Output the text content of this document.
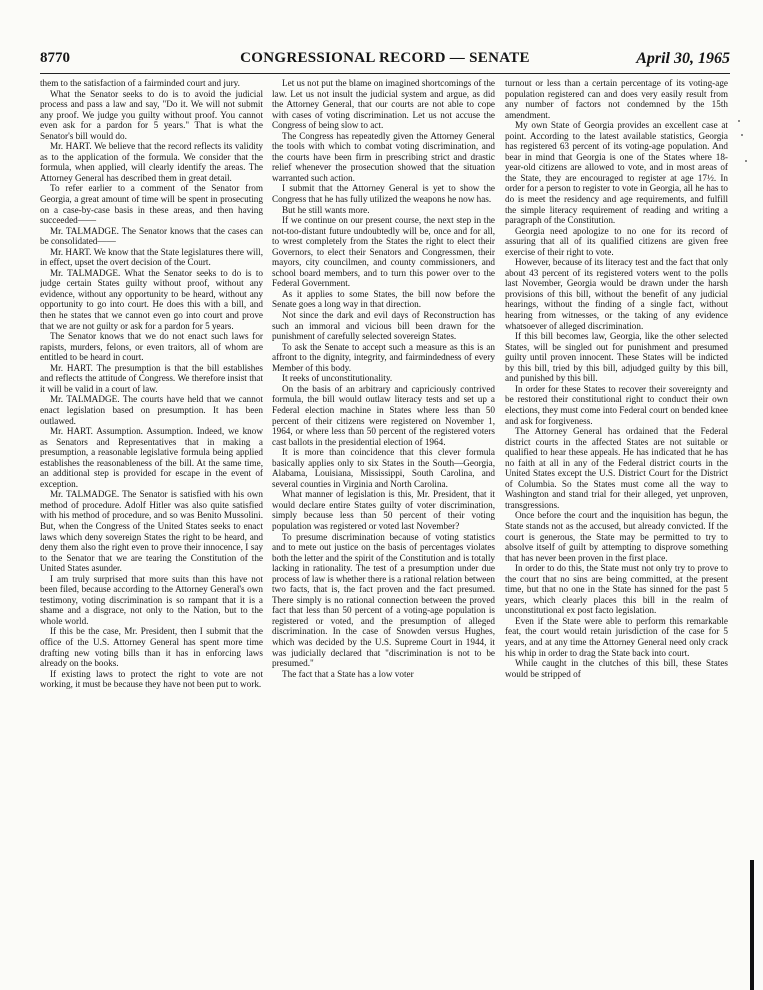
8770	CONGRESSIONAL RECORD — SENATE	April 30, 1965

them to the satisfaction of a fairminded court and jury.

What the Senator seeks to do is to avoid the judicial process and pass a law and say, "Do it. We will not submit any proof. We judge you guilty without proof. You cannot even ask for a pardon for 5 years." That is what the Senator's bill would do.

Mr. HART. We believe that the record reflects its validity as to the application of the formula. We consider that the formula, when applied, will clearly identify the areas. The Attorney General has described them in great detail.

To refer earlier to a comment of the Senator from Georgia, a great amount of time will be spent in prosecuting on a case-by-case basis in these areas, and then having succeeded——

Mr. TALMADGE. The Senator knows that the cases can be consolidated——

Mr. HART. We know that the State legislatures there will, in effect, upset the overt decision of the Court.

Mr. TALMADGE. What the Senator seeks to do is to judge certain States guilty without proof, without any evidence, without any opportunity to be heard, without any opportunity to go into court. He does this with a bill, and then he states that we cannot even go into court and prove that we are not guilty or ask for a pardon for 5 years.

The Senator knows that we do not enact such laws for rapists, murders, felons, or even traitors, all of whom are entitled to be heard in court.

Mr. HART. The presumption is that the bill establishes and reflects the attitude of Congress. We therefore insist that it will be valid in a court of law.

Mr. TALMADGE. The courts have held that we cannot enact legislation based on presumption. It has been outlawed.

Mr. HART. Assumption. Assumption. Indeed, we know as Senators and Representatives that in making a presumption, a reasonable legislative formula being applied establishes the reasonableness of the bill. At the same time, an additional step is provided for escape in the event of exception.

Mr. TALMADGE. The Senator is satisfied with his own method of procedure. Adolf Hitler was also quite satisfied with his method of procedure, and so was Benito Mussolini. But, when the Congress of the United States seeks to enact laws which deny sovereign States the right to be heard, and deny them also the right even to prove their innocence, I say to the Senator that we are tearing the Constitution of the United States asunder.

I am truly surprised that more suits than this have not been filed, because according to the Attorney General's own testimony, voting discrimination is so rampant that it is a shame and a disgrace, not only to the Nation, but to the whole world.

If this be the case, Mr. President, then I submit that the office of the U.S. Attorney General has spent more time drafting new voting bills than it has in enforcing laws already on the books.

If existing laws to protect the right to vote are not working, it must be because they have not been put to work.

Let us not put the blame on imagined shortcomings of the law. Let us not insult the judicial system and argue, as did the Attorney General, that our courts are not able to cope with cases of voting discrimination. Let us not accuse the Congress of being slow to act.

The Congress has repeatedly given the Attorney General the tools with which to combat voting discrimination, and the courts have been firm in prescribing strict and drastic relief whenever the prosecution showed that the situation warranted such action.

I submit that the Attorney General is yet to show the Congress that he has fully utilized the weapons he now has.

But he still wants more.

If we continue on our present course, the next step in the not-too-distant future undoubtedly will be, once and for all, to wrest completely from the States the right to elect their Governors, to elect their Senators and Congressmen, their mayors, city councilmen, and county commissioners, and school board members, and to turn this power over to the Federal Government.

As it applies to some States, the bill now before the Senate goes a long way in that direction.

Not since the dark and evil days of Reconstruction has such an immoral and vicious bill been drawn for the punishment of carefully selected sovereign States.

To ask the Senate to accept such a measure as this is an affront to the dignity, integrity, and fairmindedness of every Member of this body.

It reeks of unconstitutionality.

On the basis of an arbitrary and capriciously contrived formula, the bill would outlaw literacy tests and set up a Federal election machine in States where less than 50 percent of their citizens were registered on November 1, 1964, or where less than 50 percent of the registered voters cast ballots in the presidential election of 1964.

It is more than coincidence that this clever formula basically applies only to six States in the South—Georgia, Alabama, Louisiana, Mississippi, South Carolina, and several counties in Virginia and North Carolina.

What manner of legislation is this, Mr. President, that it would declare entire States guilty of voter discrimination, simply because less than 50 percent of their voting population was registered or voted last November?

To presume discrimination because of voting statistics and to mete out justice on the basis of percentages violates both the letter and the spirit of the Constitution and is totally lacking in rationality. The test of a presumption under due process of law is whether there is a rational relation between two facts, that is, the fact proven and the fact presumed. There simply is no rational connection between the proved fact that less than 50 percent of a voting-age population is registered or voted, and the presumption of alleged discrimination. In the case of Snowden versus Hughes, which was decided by the U.S. Supreme Court in 1944, it was judicially declared that "discrimination is not to be presumed."

The fact that a State has a low voter

turnout or less than a certain percentage of its voting-age population registered can and does very easily result from any number of factors not condemned by the 15th amendment.

My own State of Georgia provides an excellent case at point. According to the latest available statistics, Georgia has registered 63 percent of its voting-age population. And bear in mind that Georgia is one of the States where 18-year-old citizens are allowed to vote, and in most areas of the State, they are encouraged to register at age 17½. In order for a person to register to vote in Georgia, all he has to do is meet the residency and age requirements, and fulfill the simple literacy requirement of reading and writing a paragraph of the Constitution.

Georgia need apologize to no one for its record of assuring that all of its qualified citizens are given free exercise of their right to vote.

However, because of its literacy test and the fact that only about 43 percent of its registered voters went to the polls last November, Georgia would be drawn under the harsh provisions of this bill, without the benefit of any judicial hearings, without the finding of a single fact, without hearing from witnesses, or the taking of any evidence whatsoever of alleged discrimination.

If this bill becomes law, Georgia, like the other selected States, will be singled out for punishment and presumed guilty until proven innocent. These States will be indicted by this bill, tried by this bill, adjudged guilty by this bill, and punished by this bill.

In order for these States to recover their sovereignty and be restored their constitutional right to conduct their own elections, they must come into Federal court on bended knee and ask for forgiveness.

The Attorney General has ordained that the Federal district courts in the affected States are not suitable or qualified to hear these appeals. He has indicated that he has no faith at all in any of the Federal district courts in the United States except the U.S. District Court for the District of Columbia. So the States must come all the way to Washington and stand trial for their alleged, yet unproven, transgressions.

Once before the court and the inquisition has begun, the State stands not as the accused, but already convicted. If the court is generous, the State may be permitted to try to absolve itself of guilt by attempting to disprove something that has never been proven in the first place.

In order to do this, the State must not only try to prove to the court that no sins are being committed, at the present time, but that no one in the State has sinned for the past 5 years, which clearly places this bill in the realm of unconstitutional ex post facto legislation.

Even if the State were able to perform this remarkable feat, the court would retain jurisdiction of the case for 5 years, and at any time the Attorney General need only crack his whip in order to drag the State back into court.

While caught in the clutches of this bill, these States would be stripped of
